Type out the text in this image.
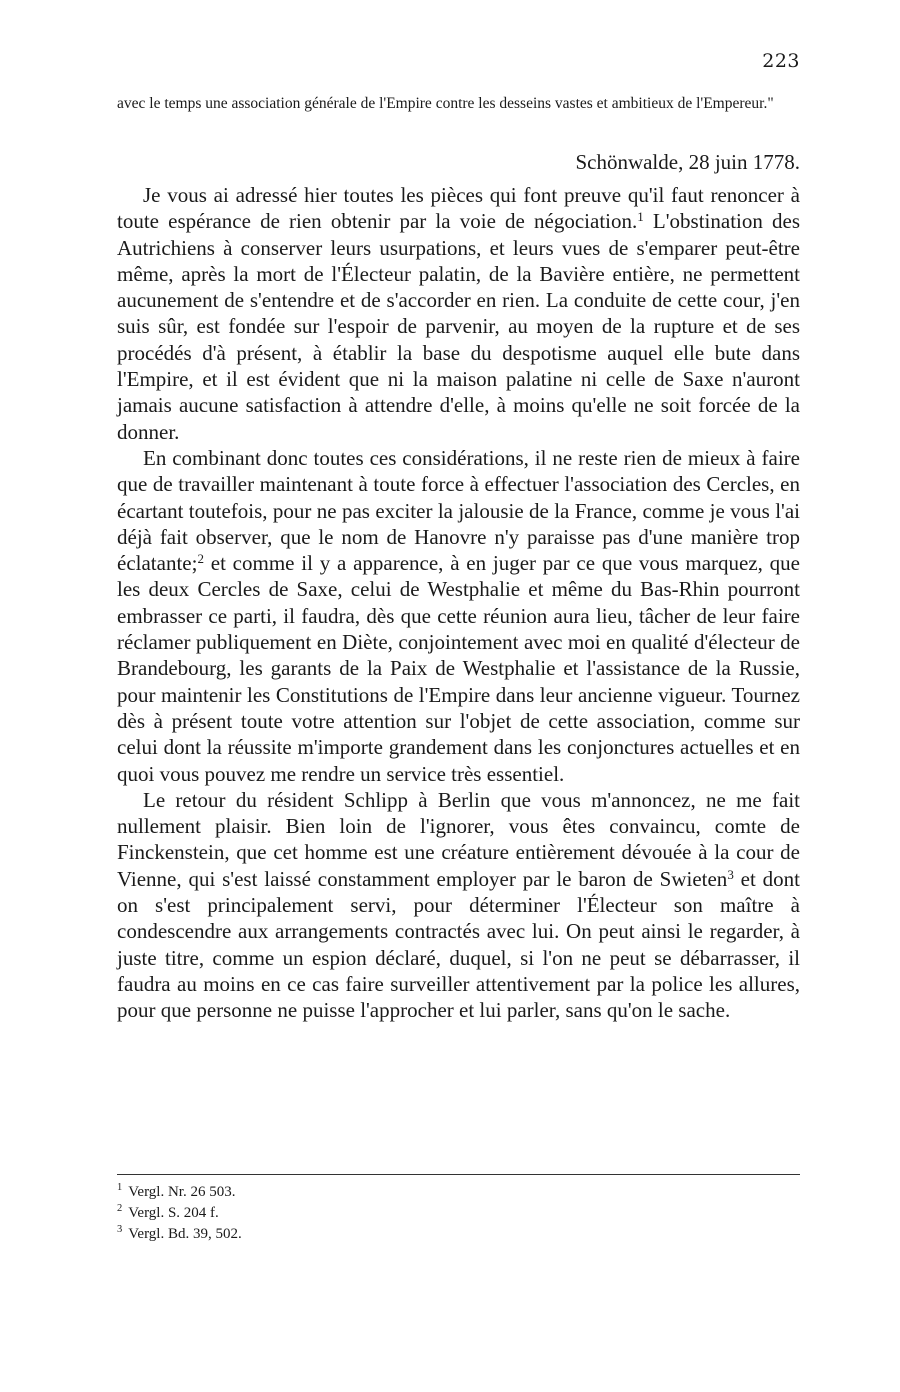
223

avec le temps une association générale de l'Empire contre les desseins vastes et ambitieux de l'Empereur."

Schönwalde, 28 juin 1778.

Je vous ai adressé hier toutes les pièces qui font preuve qu'il faut renoncer à toute espérance de rien obtenir par la voie de négociation.$^1$ L'obstination des Autrichiens à conserver leurs usurpations, et leurs vues de s'emparer peut-être même, après la mort de l'Électeur palatin, de la Bavière entière, ne permettent aucunement de s'entendre et de s'accorder en rien. La conduite de cette cour, j'en suis sûr, est fondée sur l'espoir de parvenir, au moyen de la rupture et de ses procédés d'à présent, à établir la base du despotisme auquel elle bute dans l'Empire, et il est évident que ni la maison palatine ni celle de Saxe n'auront jamais aucune satisfaction à attendre d'elle, à moins qu'elle ne soit forcée de la donner.

En combinant donc toutes ces considérations, il ne reste rien de mieux à faire que de travailler maintenant à toute force à effectuer l'association des Cercles, en écartant toutefois, pour ne pas exciter la jalousie de la France, comme je vous l'ai déjà fait observer, que le nom de Hanovre n'y paraisse pas d'une manière trop éclatante;$^2$ et comme il y a apparence, à en juger par ce que vous marquez, que les deux Cercles de Saxe, celui de Westphalie et même du Bas-Rhin pourront embrasser ce parti, il faudra, dès que cette réunion aura lieu, tâcher de leur faire réclamer publiquement en Diète, conjointement avec moi en qualité d'électeur de Brandebourg, les garants de la Paix de Westphalie et l'assistance de la Russie, pour maintenir les Constitutions de l'Empire dans leur ancienne vigueur. Tournez dès à présent toute votre attention sur l'objet de cette association, comme sur celui dont la réussite m'importe grandement dans les conjonctures actuelles et en quoi vous pouvez me rendre un service très essentiel.

Le retour du résident Schlipp à Berlin que vous m'annoncez, ne me fait nullement plaisir. Bien loin de l'ignorer, vous êtes convaincu, comte de Finckenstein, que cet homme est une créature entièrement dévouée à la cour de Vienne, qui s'est laissé constamment employer par le baron de Swieten$^3$ et dont on s'est principalement servi, pour déterminer l'Électeur son maître à condescendre aux arrangements contractés avec lui. On peut ainsi le regarder, à juste titre, comme un espion déclaré, duquel, si l'on ne peut se débarrasser, il faudra au moins en ce cas faire surveiller attentivement par la police les allures, pour que personne ne puisse l'approcher et lui parler, sans qu'on le sache.

$^1$ Vergl. Nr. 26 503.
$^2$ Vergl. S. 204 f.
$^3$ Vergl. Bd. 39, 502.
